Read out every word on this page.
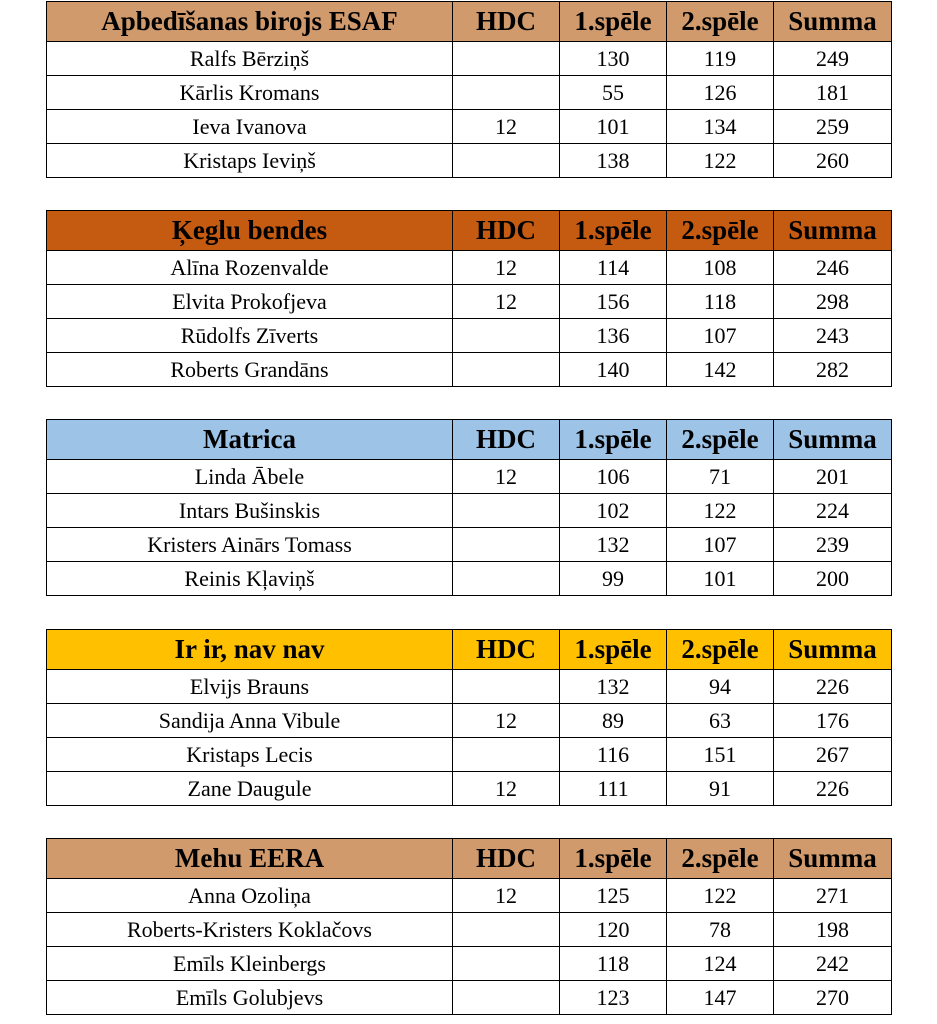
Apbedīšanas birojs ESAF	HDC	1.spēle	2.spēle	Summa
Ralfs Bērziņš		130	119	249
Kārlis Kromans		55	126	181
Ieva Ivanova	12	101	134	259
Kristaps Ieviņš		138	122	260
Ķeglu bendes	HDC	1.spēle	2.spēle	Summa
Alīna Rozenvalde	12	114	108	246
Elvita Prokofjeva	12	156	118	298
Rūdolfs Zīverts		136	107	243
Roberts Grandāns		140	142	282
Matrica	HDC	1.spēle	2.spēle	Summa
Linda Ābele	12	106	71	201
Intars Bušinskis		102	122	224
Kristers Ainārs Tomass		132	107	239
Reinis Kļaviņš		99	101	200
Ir ir, nav nav	HDC	1.spēle	2.spēle	Summa
Elvijs Brauns		132	94	226
Sandija Anna Vibule	12	89	63	176
Kristaps Lecis		116	151	267
Zane Daugule	12	111	91	226
Mehu EERA	HDC	1.spēle	2.spēle	Summa
Anna Ozoliņa	12	125	122	271
Roberts-Kristers Koklačovs		120	78	198
Emīls Kleinbergs		118	124	242
Emīls Golubjevs		123	147	270
